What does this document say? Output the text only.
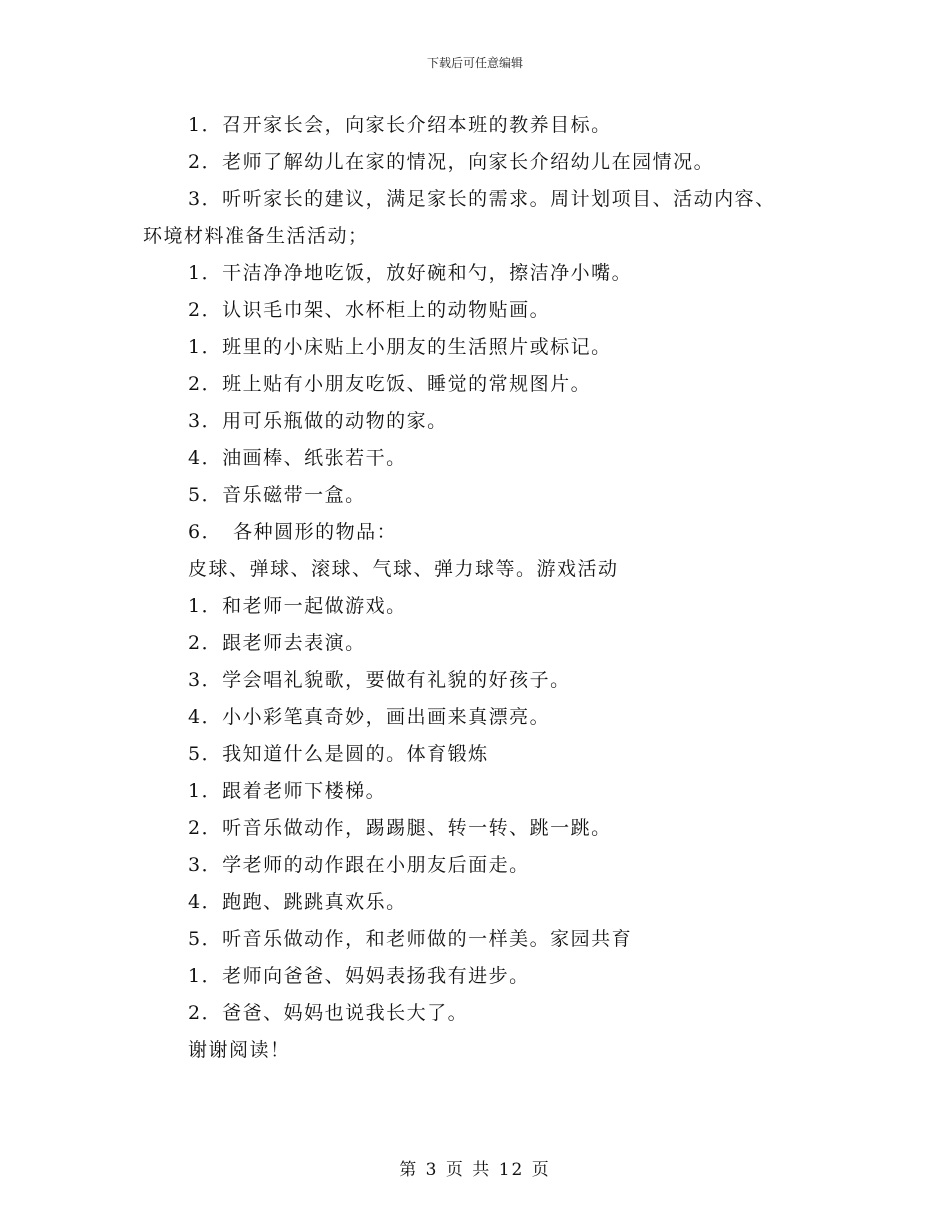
下载后可任意编辑
1．召开家长会，向家长介绍本班的教养目标。
2．老师了解幼儿在家的情况，向家长介绍幼儿在园情况。
3．听听家长的建议，满足家长的需求。周计划项目、活动内容、
环境材料准备生活活动；
1．干洁净净地吃饭，放好碗和勺，擦洁净小嘴。
2．认识毛巾架、水杯柜上的动物贴画。
1．班里的小床贴上小朋友的生活照片或标记。
2．班上贴有小朋友吃饭、睡觉的常规图片。
3．用可乐瓶做的动物的家。
4．油画棒、纸张若干。
5．音乐磁带一盒。
6．　各种圆形的物品：
皮球、弹球、滚球、气球、弹力球等。游戏活动
1．和老师一起做游戏。
2．跟老师去表演。
3．学会唱礼貌歌，要做有礼貌的好孩子。
4．小小彩笔真奇妙，画出画来真漂亮。
5．我知道什么是圆的。体育锻炼
1．跟着老师下楼梯。
2．听音乐做动作，踢踢腿、转一转、跳一跳。
3．学老师的动作跟在小朋友后面走。
4．跑跑、跳跳真欢乐。
5．听音乐做动作，和老师做的一样美。家园共育
1．老师向爸爸、妈妈表扬我有进步。
2．爸爸、妈妈也说我长大了。
谢谢阅读！
第 3 页 共 12 页
